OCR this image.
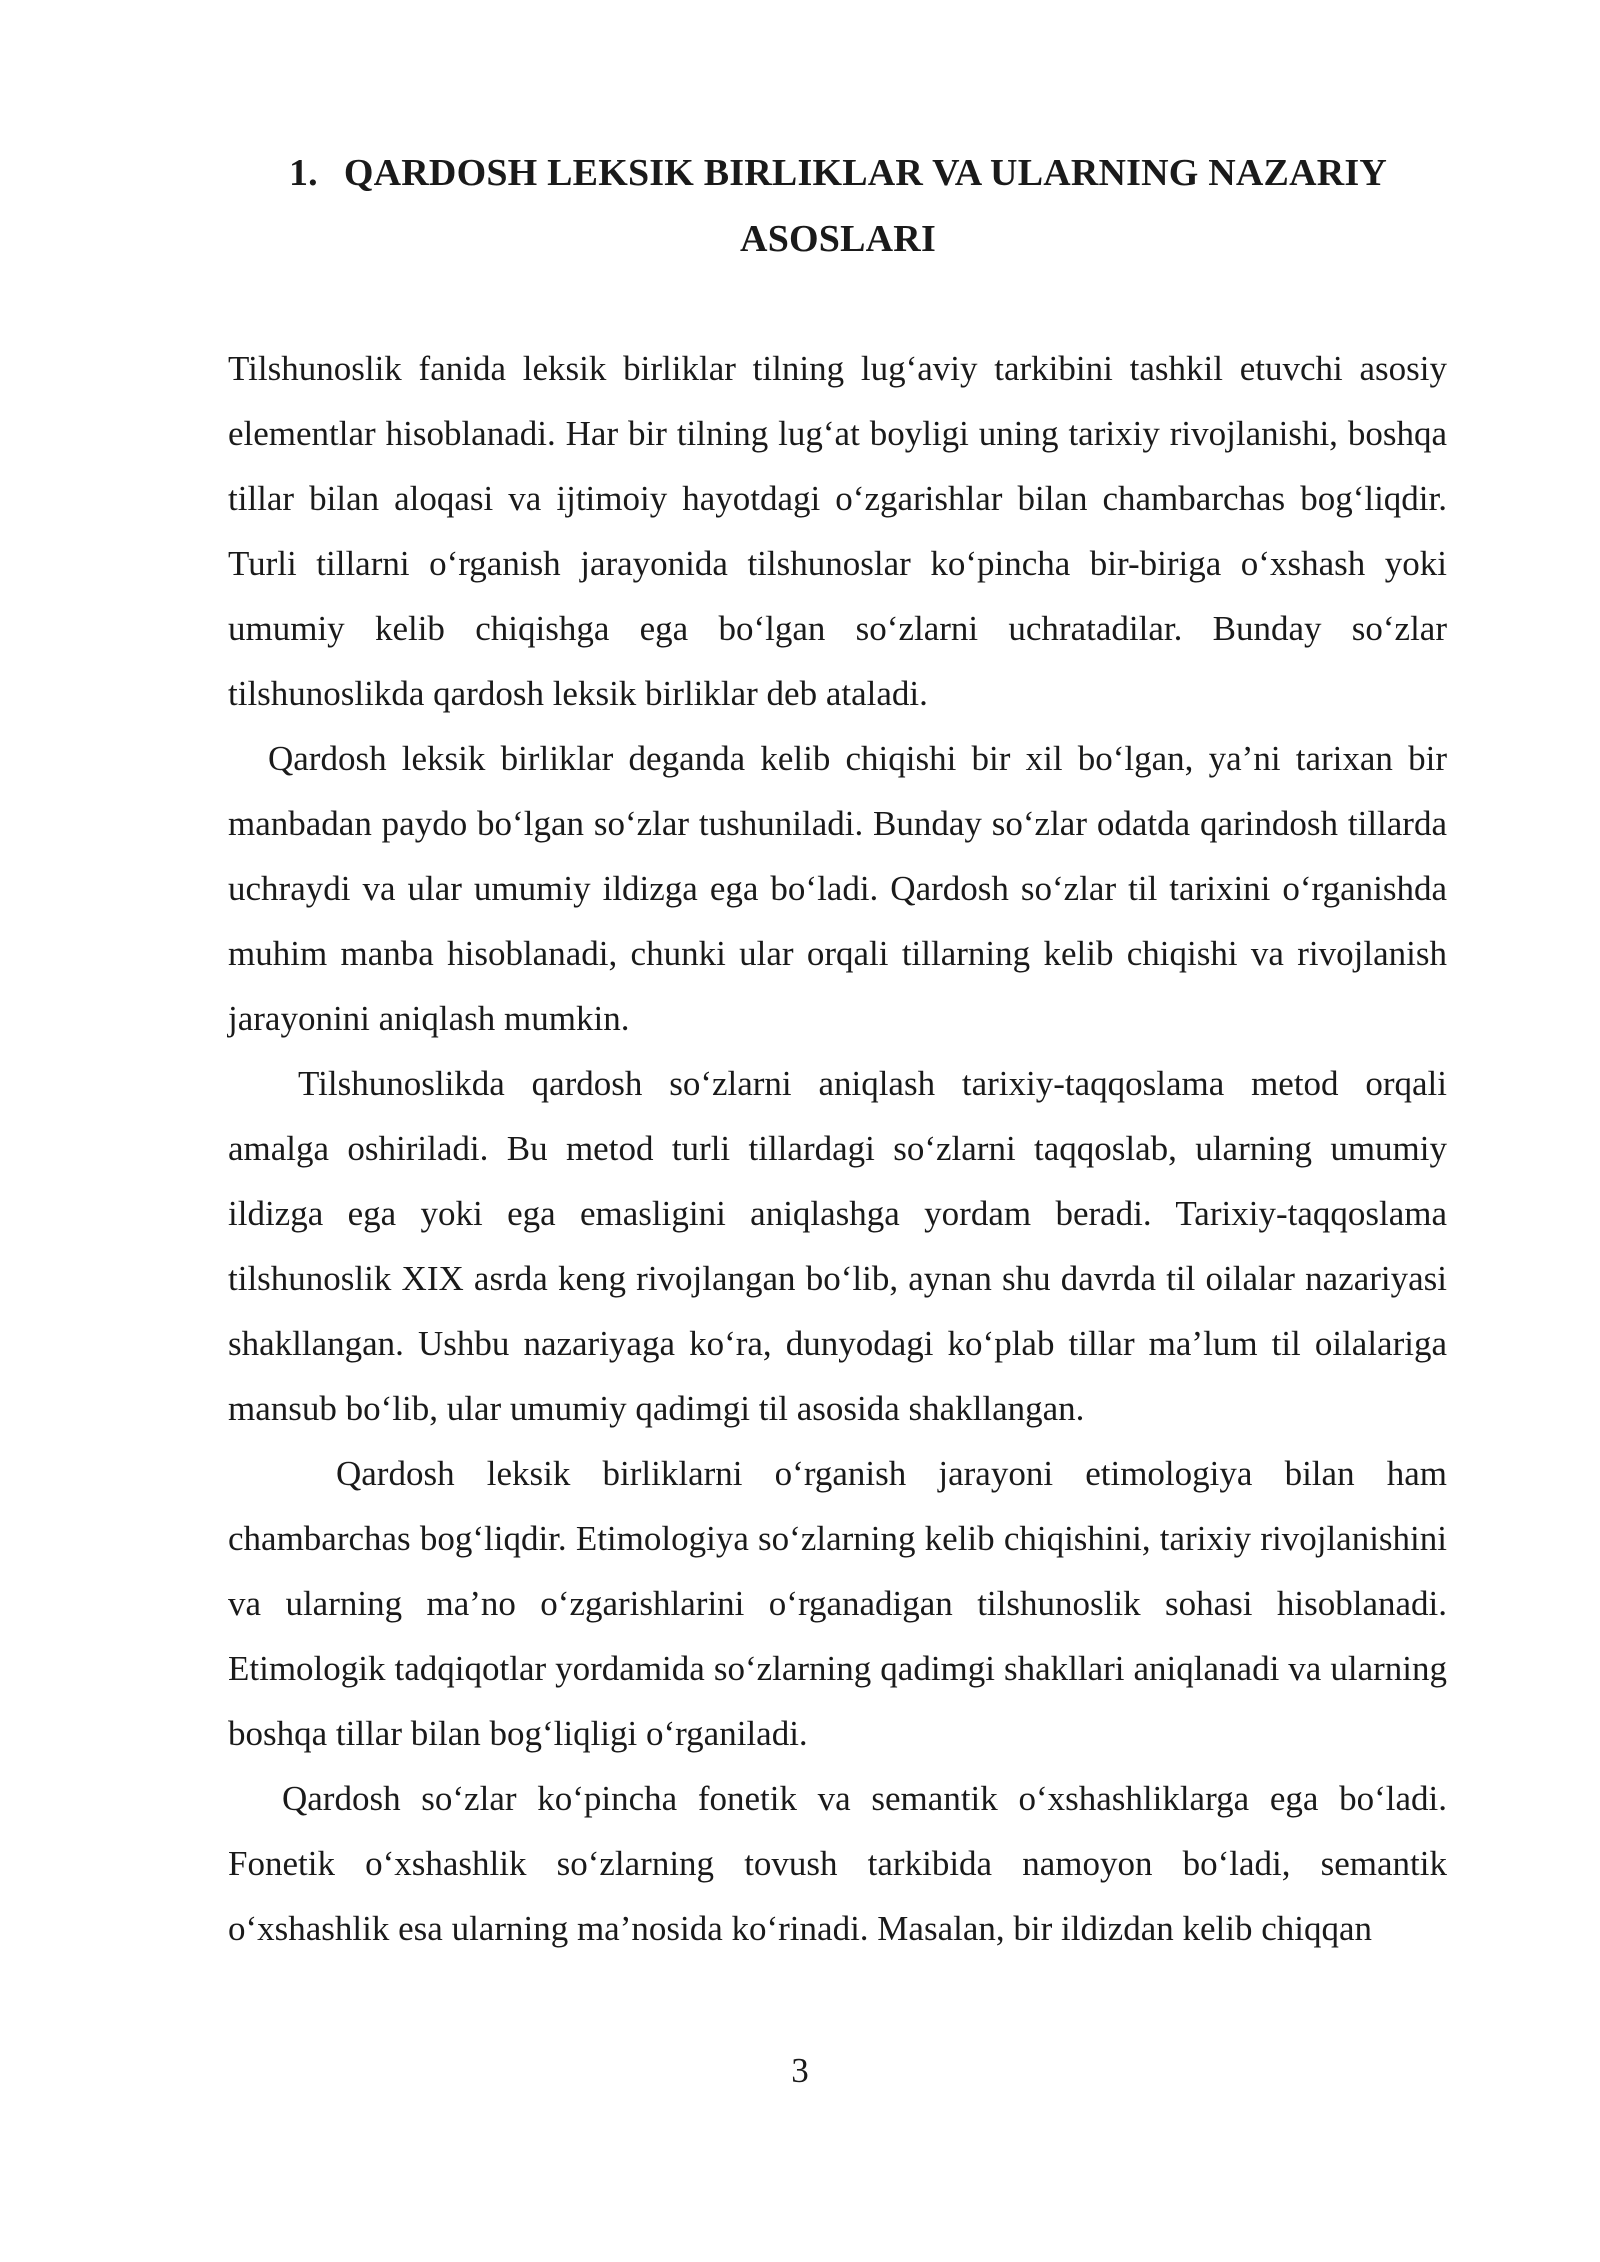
1. QARDOSH LEKSIK BIRLIKLAR VA ULARNING NAZARIY
ASOSLARI

Tilshunoslik fanida leksik birliklar tilning lug‘aviy tarkibini tashkil etuvchi asosiy elementlar hisoblanadi. Har bir tilning lug‘at boyligi uning tarixiy rivojlanishi, boshqa tillar bilan aloqasi va ijtimoiy hayotdagi o‘zgarishlar bilan chambarchas bog‘liqdir. Turli tillarni o‘rganish jarayonida tilshunoslar ko‘pincha bir-biriga o‘xshash yoki umumiy kelib chiqishga ega bo‘lgan so‘zlarni uchratadilar. Bunday so‘zlar tilshunoslikda qardosh leksik birliklar deb ataladi.

Qardosh leksik birliklar deganda kelib chiqishi bir xil bo‘lgan, ya’ni tarixan bir manbadan paydo bo‘lgan so‘zlar tushuniladi. Bunday so‘zlar odatda qarindosh tillarda uchraydi va ular umumiy ildizga ega bo‘ladi. Qardosh so‘zlar til tarixini o‘rganishda muhim manba hisoblanadi, chunki ular orqali tillarning kelib chiqishi va rivojlanish jarayonini aniqlash mumkin.

Tilshunoslikda qardosh so‘zlarni aniqlash tarixiy-taqqoslama metod orqali amalga oshiriladi. Bu metod turli tillardagi so‘zlarni taqqoslab, ularning umumiy ildizga ega yoki ega emasligini aniqlashga yordam beradi. Tarixiy-taqqoslama tilshunoslik XIX asrda keng rivojlangan bo‘lib, aynan shu davrda til oilalar nazariyasi shakllangan. Ushbu nazariyaga ko‘ra, dunyodagi ko‘plab tillar ma’lum til oilalariga mansub bo‘lib, ular umumiy qadimgi til asosida shakllangan.

Qardosh leksik birliklarni o‘rganish jarayoni etimologiya bilan ham chambarchas bog‘liqdir. Etimologiya so‘zlarning kelib chiqishini, tarixiy rivojlanishini va ularning ma’no o‘zgarishlarini o‘rganadigan tilshunoslik sohasi hisoblanadi. Etimologik tadqiqotlar yordamida so‘zlarning qadimgi shakllari aniqlanadi va ularning boshqa tillar bilan bog‘liqligi o‘rganiladi.

Qardosh so‘zlar ko‘pincha fonetik va semantik o‘xshashliklarga ega bo‘ladi. Fonetik o‘xshashlik so‘zlarning tovush tarkibida namoyon bo‘ladi, semantik o‘xshashlik esa ularning ma’nosida ko‘rinadi. Masalan, bir ildizdan kelib chiqqan

3
